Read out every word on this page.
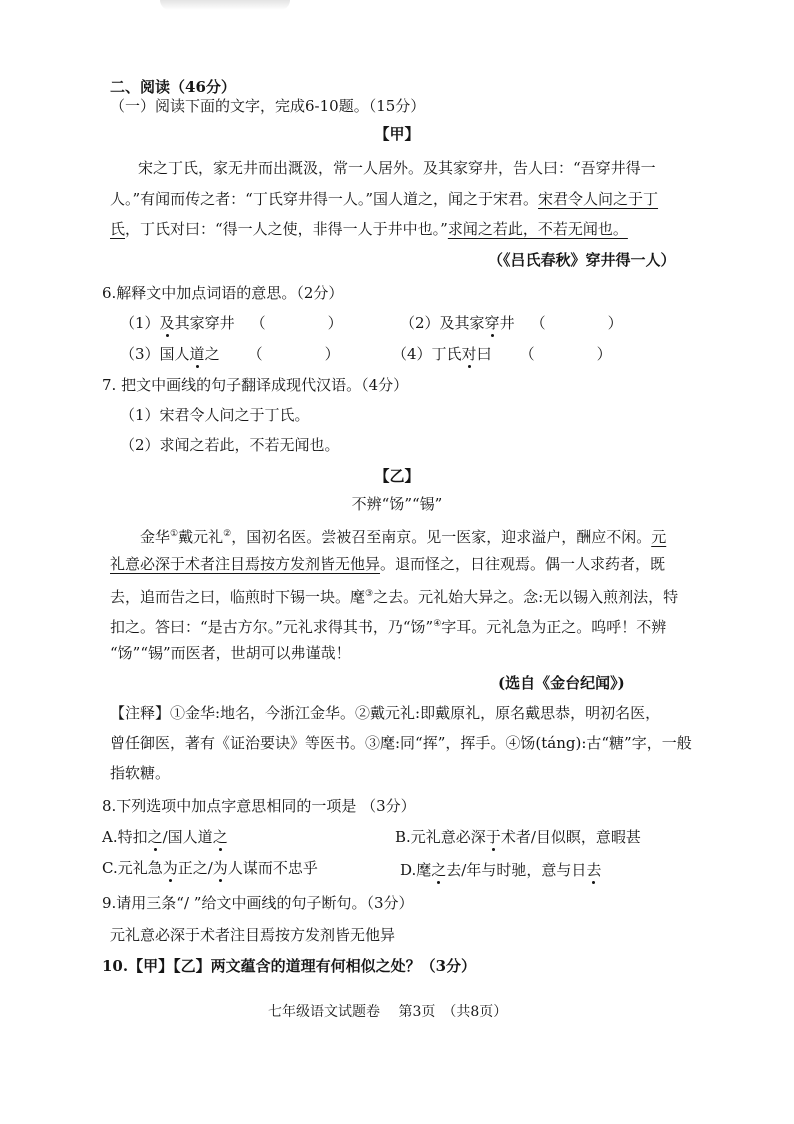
二、阅读（46分）
（一）阅读下面的文字，完成6-10题。（15分）
【甲】
宋之丁氏，家无井而出溉汲，常一人居外。及其家穿井，告人曰：“吾穿井得一
人。”有闻而传之者：“丁氏穿井得一人。”国人道之，闻之于宋君。宋君令人问之于丁
氏，丁氏对曰：“得一人之使，非得一人于井中也。”求闻之若此，不若无闻也。
（《吕氏春秋》穿井得一人）
6.解释文中加点词语的意思。（2分）
（1）及其家穿井 （	）	（2）及其家穿井 （	）
（3）国人道之 （	）	（4）丁氏对曰 （	）
7. 把文中画线的句子翻译成现代汉语。（4分）
（1）宋君令人问之于丁氏。
（2）求闻之若此，不若无闻也。
【乙】
不辨“饧”“锡”
金华①戴元礼②，国初名医。尝被召至南京。见一医家，迎求溢户，酬应不闲。元
礼意必深于术者注目焉按方发剂皆无他异。退而怪之，日往观焉。偶一人求药者，既
去，追而告之曰，临煎时下锡一块。麾③之去。元礼始大异之。念:无以锡入煎剂法，特
扣之。答曰：“是古方尔。”元礼求得其书，乃“饧”④字耳。元礼急为正之。呜呼！不辨
“饧”“锡”而医者，世胡可以弗谨哉！
(选自《金台纪闻》)
【注释】①金华:地名，今浙江金华。②戴元礼:即戴原礼，原名戴思恭，明初名医，
曾任御医，著有《证治要诀》等医书。③麾:同“挥”，挥手。④饧(táng):古“糖”字，一般
指软糖。
8.下列选项中加点字意思相同的一项是 （3分）
A.特扣之/国人道之	B.元礼意必深于术者/目似瞑，意暇甚
C.元礼急为正之/为人谋而不忠乎	D.麾之去/年与时驰，意与日去
9.请用三条“/ ”给文中画线的句子断句。（3分）
元礼意必深于术者注目焉按方发剂皆无他异
10.【甲】【乙】两文蕴含的道理有何相似之处？（3分）
七年级语文试题卷　 第3页　（共8页）
